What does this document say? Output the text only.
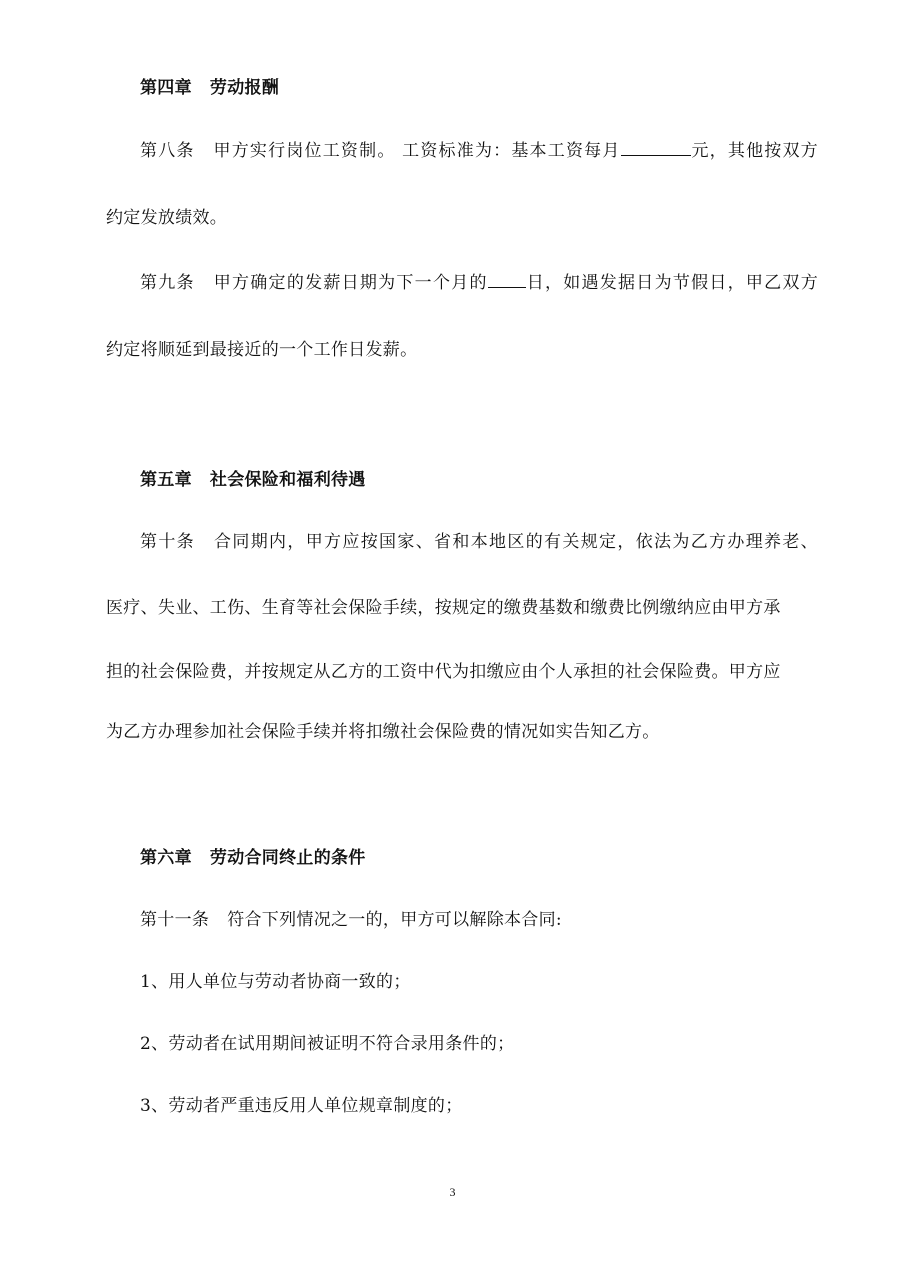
第四章 劳动报酬
第八条 甲方实行岗位工资制。 工资标准为：基本工资每月	元，其他按双方
约定发放绩效。
第九条 甲方确定的发薪日期为下一个月的 日，如遇发据日为节假日，甲乙双方
约定将顺延到最接近的一个工作日发薪。
第五章 社会保险和福利待遇
第十条 合同期内，甲方应按国家、省和本地区的有关规定，依法为乙方办理养老、
医疗、失业、工伤、生育等社会保险手续，按规定的缴费基数和缴费比例缴纳应由甲方承
担的社会保险费，并按规定从乙方的工资中代为扣缴应由个人承担的社会保险费。甲方应
为乙方办理参加社会保险手续并将扣缴社会保险费的情况如实告知乙方。
第六章 劳动合同终止的条件
第十一条 符合下列情况之一的，甲方可以解除本合同:
1、用人单位与劳动者协商一致的；
2、劳动者在试用期间被证明不符合录用条件的；
3、劳动者严重违反用人单位规章制度的；
3
